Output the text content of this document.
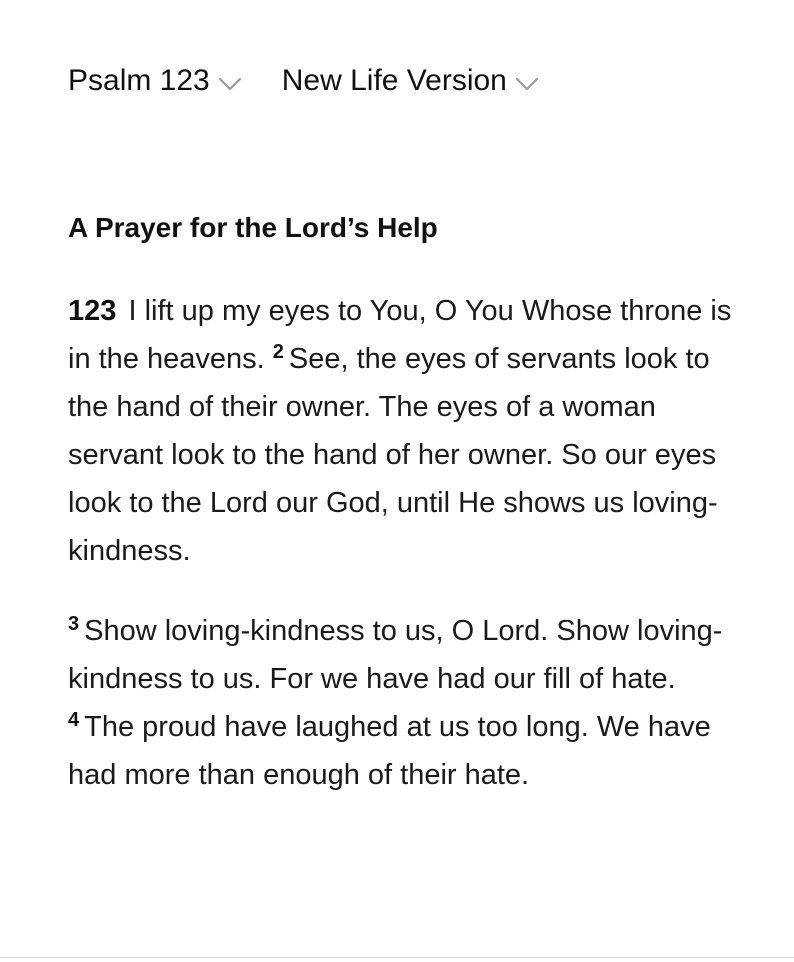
Psalm 123 New Life Version
A Prayer for the Lord’s Help

123 I lift up my eyes to You, O You Whose throne is in the heavens. $^2$ See, the eyes of servants look to the hand of their owner. The eyes of a woman servant look to the hand of her owner. So our eyes look to the Lord our God, until He shows us loving-kindness.

$^3$ Show loving-kindness to us, O Lord. Show loving-kindness to us. For we have had our fill of hate. $^4$ The proud have laughed at us too long. We have had more than enough of their hate.
